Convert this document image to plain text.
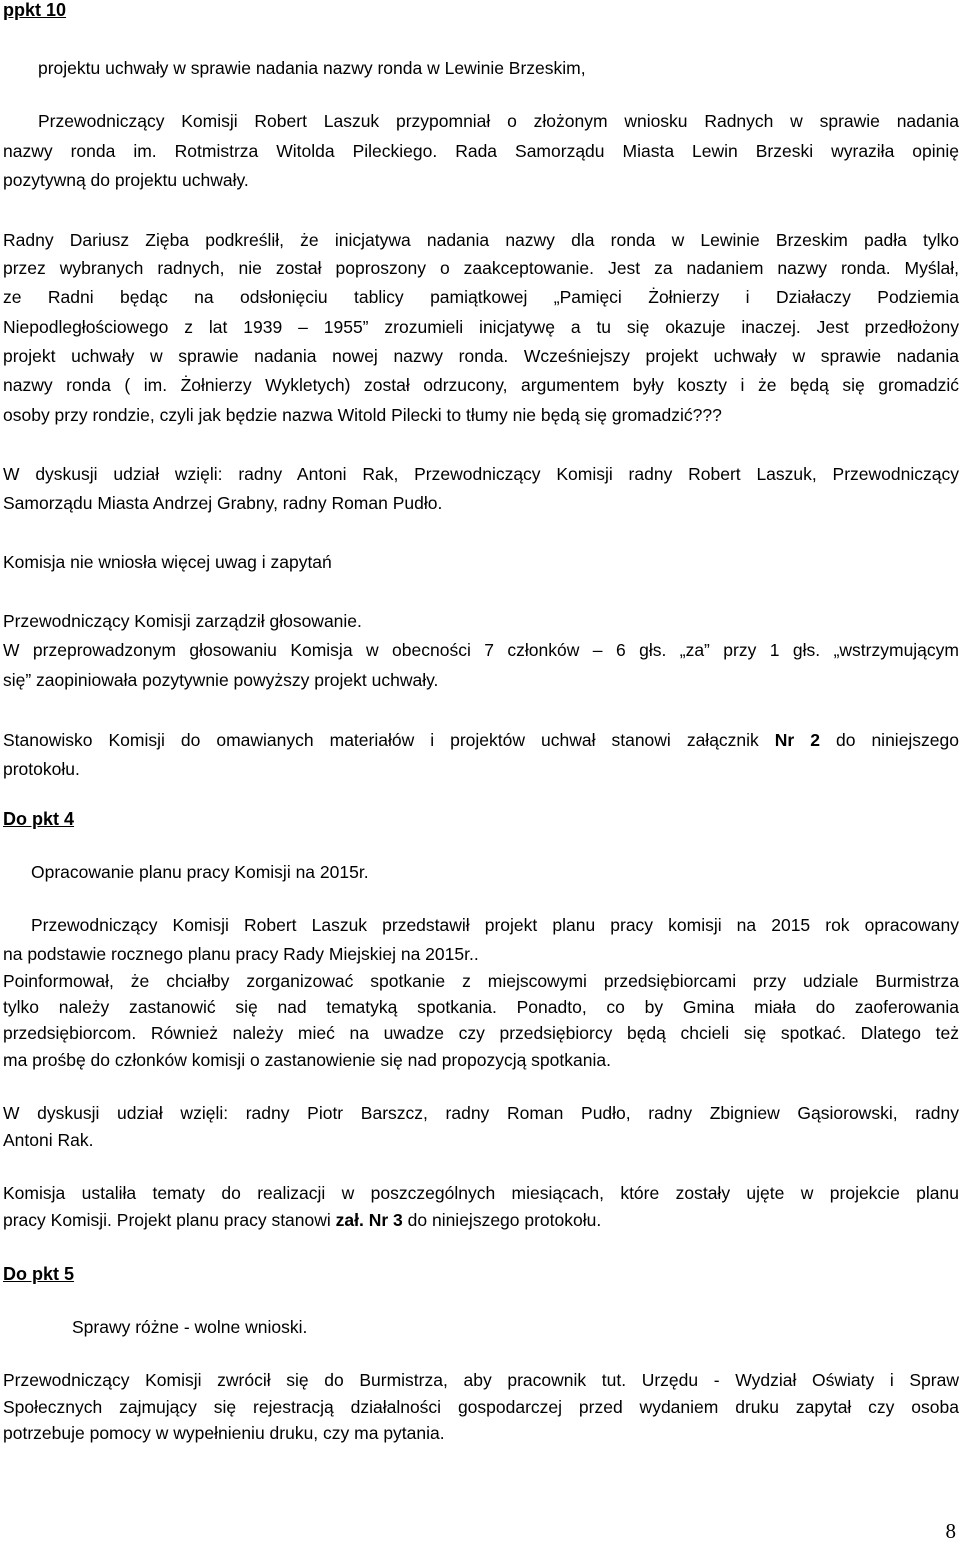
ppkt 10
projektu uchwały w sprawie nadania nazwy ronda w Lewinie Brzeskim,
Przewodniczący Komisji Robert Laszuk przypomniał o złożonym wniosku Radnych w sprawie nadania
nazwy ronda im. Rotmistrza Witolda Pileckiego. Rada Samorządu Miasta Lewin Brzeski wyraziła opinię
pozytywną do projektu uchwały.
Radny Dariusz Zięba podkreślił, że inicjatywa nadania nazwy dla ronda w Lewinie Brzeskim padła tylko
przez wybranych radnych, nie został poproszony o zaakceptowanie. Jest za nadaniem nazwy ronda. Myślał,
ze Radni będąc na odsłonięciu tablicy pamiątkowej „Pamięci Żołnierzy i Działaczy Podziemia
Niepodległościowego z lat 1939 – 1955” zrozumieli inicjatywę a tu się okazuje inaczej. Jest przedłożony
projekt uchwały w sprawie nadania nowej nazwy ronda. Wcześniejszy projekt uchwały w sprawie nadania
nazwy ronda ( im. Żołnierzy Wykletych) został odrzucony, argumentem były koszty i że będą się gromadzić
osoby przy rondzie, czyli jak będzie nazwa Witold Pilecki to tłumy nie będą się gromadzić???
W dyskusji udział wzięli: radny Antoni Rak, Przewodniczący Komisji radny Robert Laszuk, Przewodniczący
Samorządu Miasta Andrzej Grabny, radny Roman Pudło.
Komisja nie wniosła więcej uwag i zapytań
Przewodniczący Komisji zarządził głosowanie.
W przeprowadzonym głosowaniu Komisja w obecności 7 członków – 6 głs. „za” przy 1 głs. „wstrzymującym
się” zaopiniowała pozytywnie powyższy projekt uchwały.
Stanowisko Komisji do omawianych materiałów i projektów uchwał stanowi załącznik Nr 2 do niniejszego
protokołu.
Do pkt 4
Opracowanie planu pracy Komisji na 2015r.
Przewodniczący Komisji Robert Laszuk przedstawił projekt planu pracy komisji na 2015 rok opracowany
na podstawie rocznego planu pracy Rady Miejskiej na 2015r..
Poinformował, że chciałby zorganizować spotkanie z miejscowymi przedsiębiorcami przy udziale Burmistrza
tylko należy zastanowić się nad tematyką spotkania. Ponadto, co by Gmina miała do zaoferowania
przedsiębiorcom. Również należy mieć na uwadze czy przedsiębiorcy będą chcieli się spotkać. Dlatego też
ma prośbę do członków komisji o zastanowienie się nad propozycją spotkania.
W dyskusji udział wzięli: radny Piotr Barszcz, radny Roman Pudło, radny Zbigniew Gąsiorowski, radny
Antoni Rak.
Komisja ustaliła tematy do realizacji w poszczególnych miesiącach, które zostały ujęte w projekcie planu
pracy Komisji. Projekt planu pracy stanowi zał. Nr 3 do niniejszego protokołu.
Do pkt 5
Sprawy różne - wolne wnioski.
Przewodniczący Komisji zwrócił się do Burmistrza, aby pracownik tut. Urzędu - Wydział Oświaty i Spraw
Społecznych zajmujący się rejestracją działalności gospodarczej przed wydaniem druku zapytał czy osoba
potrzebuje pomocy w wypełnieniu druku, czy ma pytania.
8
